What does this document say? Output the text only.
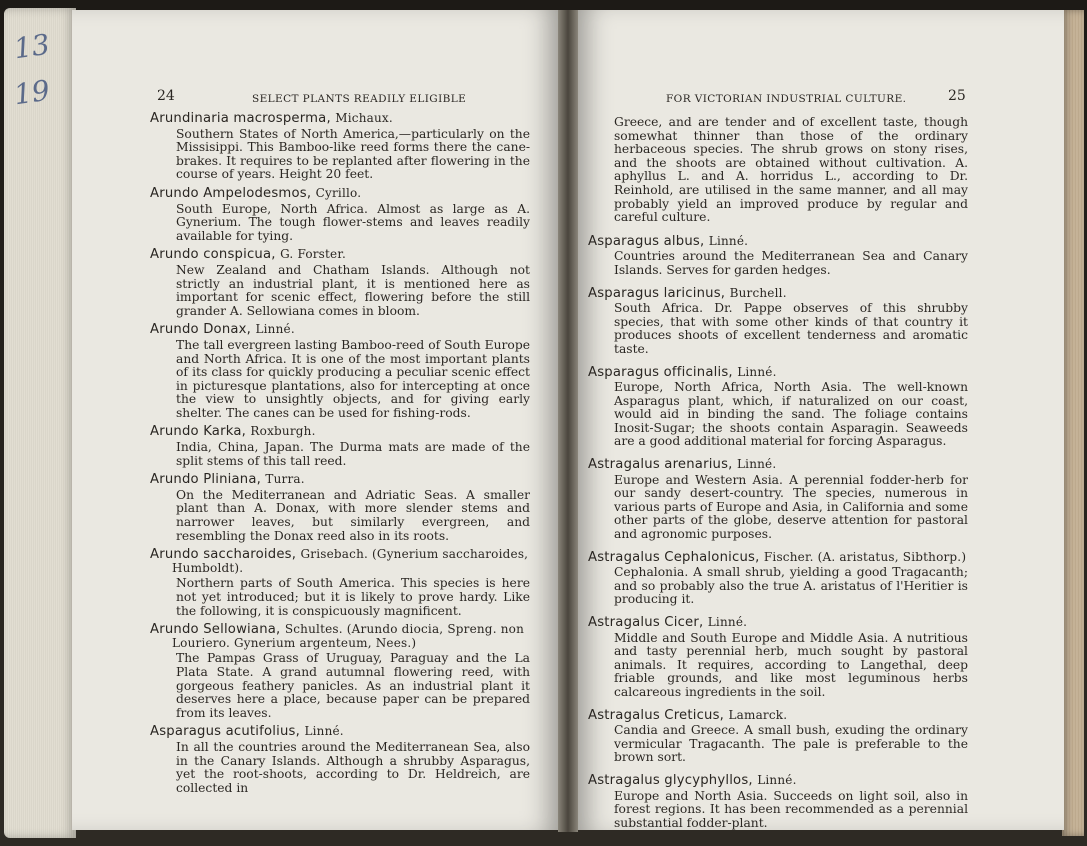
13
19	24	SELECT PLANTS READILY ELIGIBLE
Arundinaria macrosperma, Michaux.
Southern States of North America,—particularly on the Missisippi. This Bamboo-like reed forms there the cane-brakes. It requires to be replanted after flowering in the course of years. Height 20 feet.
Arundo Ampelodesmos, Cyrillo.
South Europe, North Africa. Almost as large as A. Gynerium. The tough flower-stems and leaves readily available for tying.
Arundo conspicua, G. Forster.
New Zealand and Chatham Islands. Although not strictly an industrial plant, it is mentioned here as important for scenic effect, flowering before the still grander A. Sellowiana comes in bloom.
Arundo Donax, Linné.
The tall evergreen lasting Bamboo-reed of South Europe and North Africa. It is one of the most important plants of its class for quickly producing a peculiar scenic effect in picturesque plantations, also for intercepting at once the view to unsightly objects, and for giving early shelter. The canes can be used for fishing-rods.
Arundo Karka, Roxburgh.
India, China, Japan. The Durma mats are made of the split stems of this tall reed.
Arundo Pliniana, Turra.
On the Mediterranean and Adriatic Seas. A smaller plant than A. Donax, with more slender stems and narrower leaves, but similarly evergreen, and resembling the Donax reed also in its roots.
Arundo saccharoides, Grisebach. (Gynerium saccharoides,
Humboldt).
Northern parts of South America. This species is here not yet introduced; but it is likely to prove hardy. Like the following, it is conspicuously magnificent.
Arundo Sellowiana, Schultes. (Arundo diocia, Spreng. non
Louriero. Gynerium argenteum, Nees.)
The Pampas Grass of Uruguay, Paraguay and the La Plata State. A grand autumnal flowering reed, with gorgeous feathery panicles. As an industrial plant it deserves here a place, because paper can be prepared from its leaves.
Asparagus acutifolius, Linné.
In all the countries around the Mediterranean Sea, also in the Canary Islands. Although a shrubby Asparagus, yet the root-shoots, according to Dr. Heldreich, are collected in
FOR VICTORIAN INDUSTRIAL CULTURE.	25
Greece, and are tender and of excellent taste, though somewhat thinner than those of the ordinary herbaceous species. The shrub grows on stony rises, and the shoots are obtained without cultivation. A. aphyllus L. and A. horridus L., according to Dr. Reinhold, are utilised in the same manner, and all may probably yield an improved produce by regular and careful culture.
Asparagus albus, Linné.
Countries around the Mediterranean Sea and Canary Islands. Serves for garden hedges.
Asparagus laricinus, Burchell.
South Africa. Dr. Pappe observes of this shrubby species, that with some other kinds of that country it produces shoots of excellent tenderness and aromatic taste.
Asparagus officinalis, Linné.
Europe, North Africa, North Asia. The well-known Asparagus plant, which, if naturalized on our coast, would aid in binding the sand. The foliage contains Inosit-Sugar; the shoots contain Asparagin. Seaweeds are a good additional material for forcing Asparagus.
Astragalus arenarius, Linné.
Europe and Western Asia. A perennial fodder-herb for our sandy desert-country. The species, numerous in various parts of Europe and Asia, in California and some other parts of the globe, deserve attention for pastoral and agronomic purposes.
Astragalus Cephalonicus, Fischer. (A. aristatus, Sibthorp.)
Cephalonia. A small shrub, yielding a good Tragacanth; and so probably also the true A. aristatus of l'Heritier is producing it.
Astragalus Cicer, Linné.
Middle and South Europe and Middle Asia. A nutritious and tasty perennial herb, much sought by pastoral animals. It requires, according to Langethal, deep friable grounds, and like most leguminous herbs calcareous ingredients in the soil.
Astragalus Creticus, Lamarck.
Candia and Greece. A small bush, exuding the ordinary vermicular Tragacanth. The pale is preferable to the brown sort.
Astragalus glycyphyllos, Linné.
Europe and North Asia. Succeeds on light soil, also in forest regions. It has been recommended as a perennial substantial fodder-plant.
